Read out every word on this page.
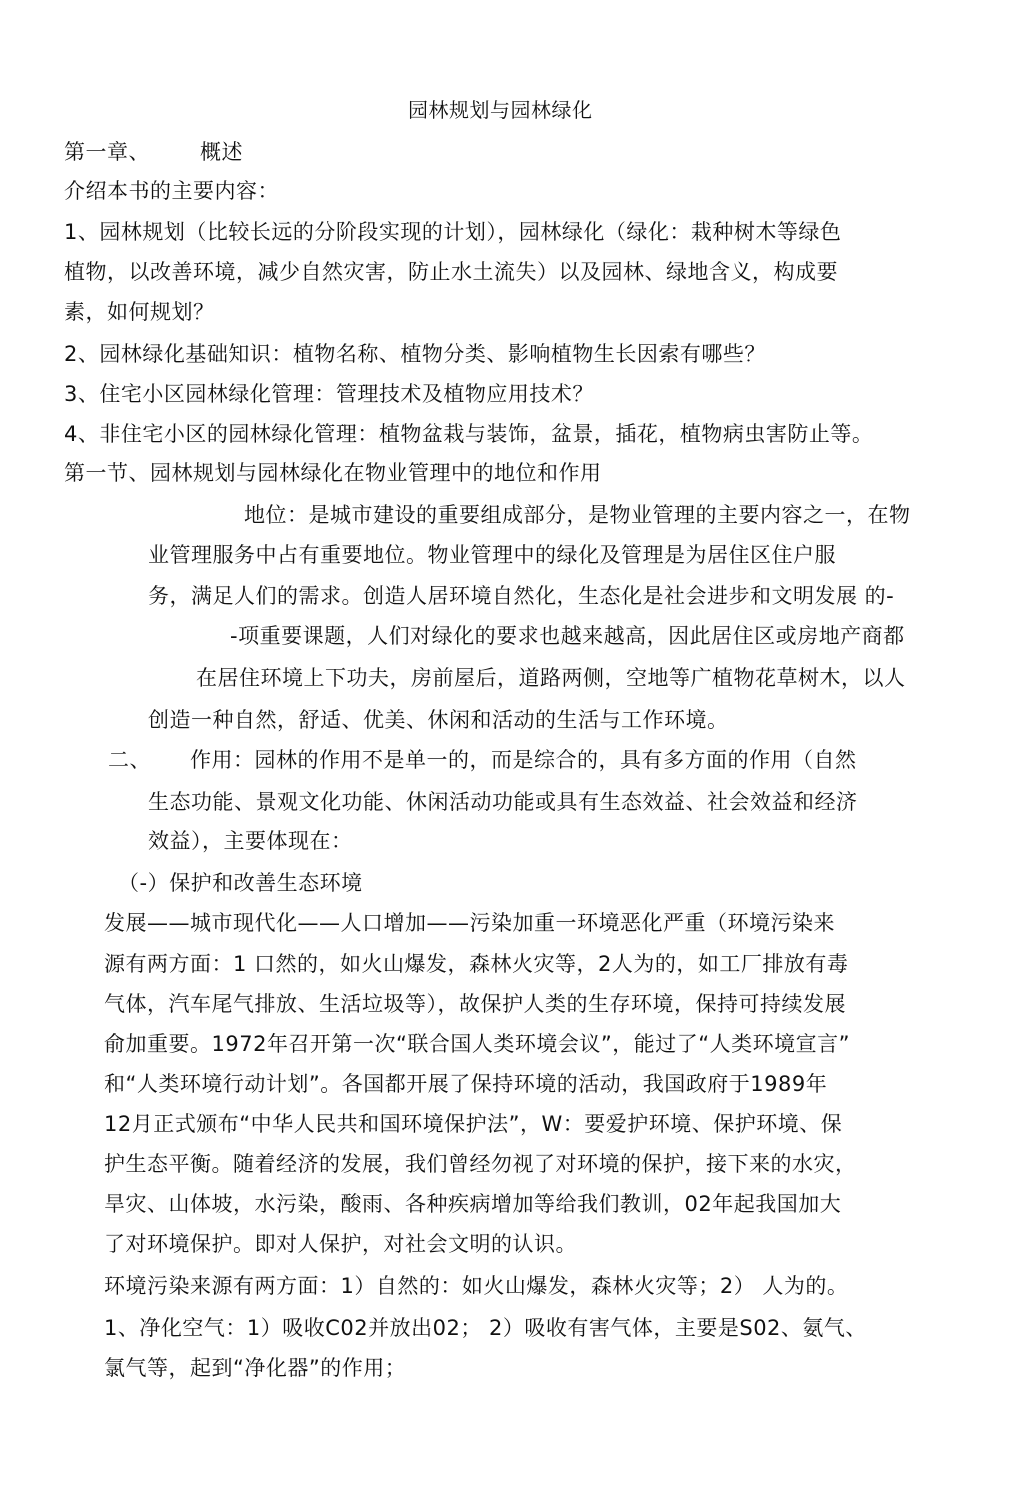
园林规划与园林绿化
第一章、 概述
介绍本书的主要内容：
1、园林规划（比较长远的分阶段实现的计划），园林绿化（绿化：栽种树木等绿色
植物，以改善环境，减少自然灾害，防止水土流失）以及园林、绿地含义，构成要
素，如何规划？
2、园林绿化基础知识：植物名称、植物分类、影响植物生长因索有哪些？
3、住宅小区园林绿化管理：管理技术及植物应用技术？
4、非住宅小区的园林绿化管理：植物盆栽与装饰，盆景，插花，植物病虫害防止等。
第一节、园林规划与园林绿化在物业管理中的地位和作用
地位：是城市建设的重要组成部分，是物业管理的主要内容之一，在物
业管理服务中占有重要地位。物业管理中的绿化及管理是为居住区住户服
务，满足人们的需求。创造人居环境自然化，生态化是社会进步和文明发展 的-
-项重要课题，人们对绿化的要求也越来越高，因此居住区或房地产商都
在居住环境上下功夫，房前屋后，道路两侧，空地等广植物花草树木，以人
创造一种自然，舒适、优美、休闲和活动的生活与工作环境。
二、 作用：园林的作用不是单一的，而是综合的，具有多方面的作用（自然
生态功能、景观文化功能、休闲活动功能或具有生态效益、社会效益和经济
效益），主要体现在：
（-）保护和改善生态环境
发展——城市现代化——人口增加——污染加重一环境恶化严重（环境污染来
源有两方面：1 口然的，如火山爆发，森林火灾等，2人为的，如工厂排放有毒
气体，汽车尾气排放、生活垃圾等），故保护人类的生存环境，保持可持续发展
俞加重要。1972年召开第一次“联合国人类环境会议”，能过了“人类环境宣言”
和“人类环境行动计划”。各国都开展了保持环境的活动，我国政府于1989年
12月正式颁布“中华人民共和国环境保护法”，W：要爱护环境、保护环境、保
护生态平衡。随着经济的发展，我们曾经勿视了对环境的保护，接下来的水灾，
旱灾、山体坡，水污染，酸雨、各种疾病增加等给我们教训，02年起我国加大
了对环境保护。即对人保护，对社会文明的认识。
环境污染来源有两方面：1）自然的：如火山爆发，森林火灾等；2） 人为的。
1、净化空气：1）吸收C02并放出02； 2）吸收有害气体，主要是S02、氨气、
氯气等，起到“净化器”的作用；
